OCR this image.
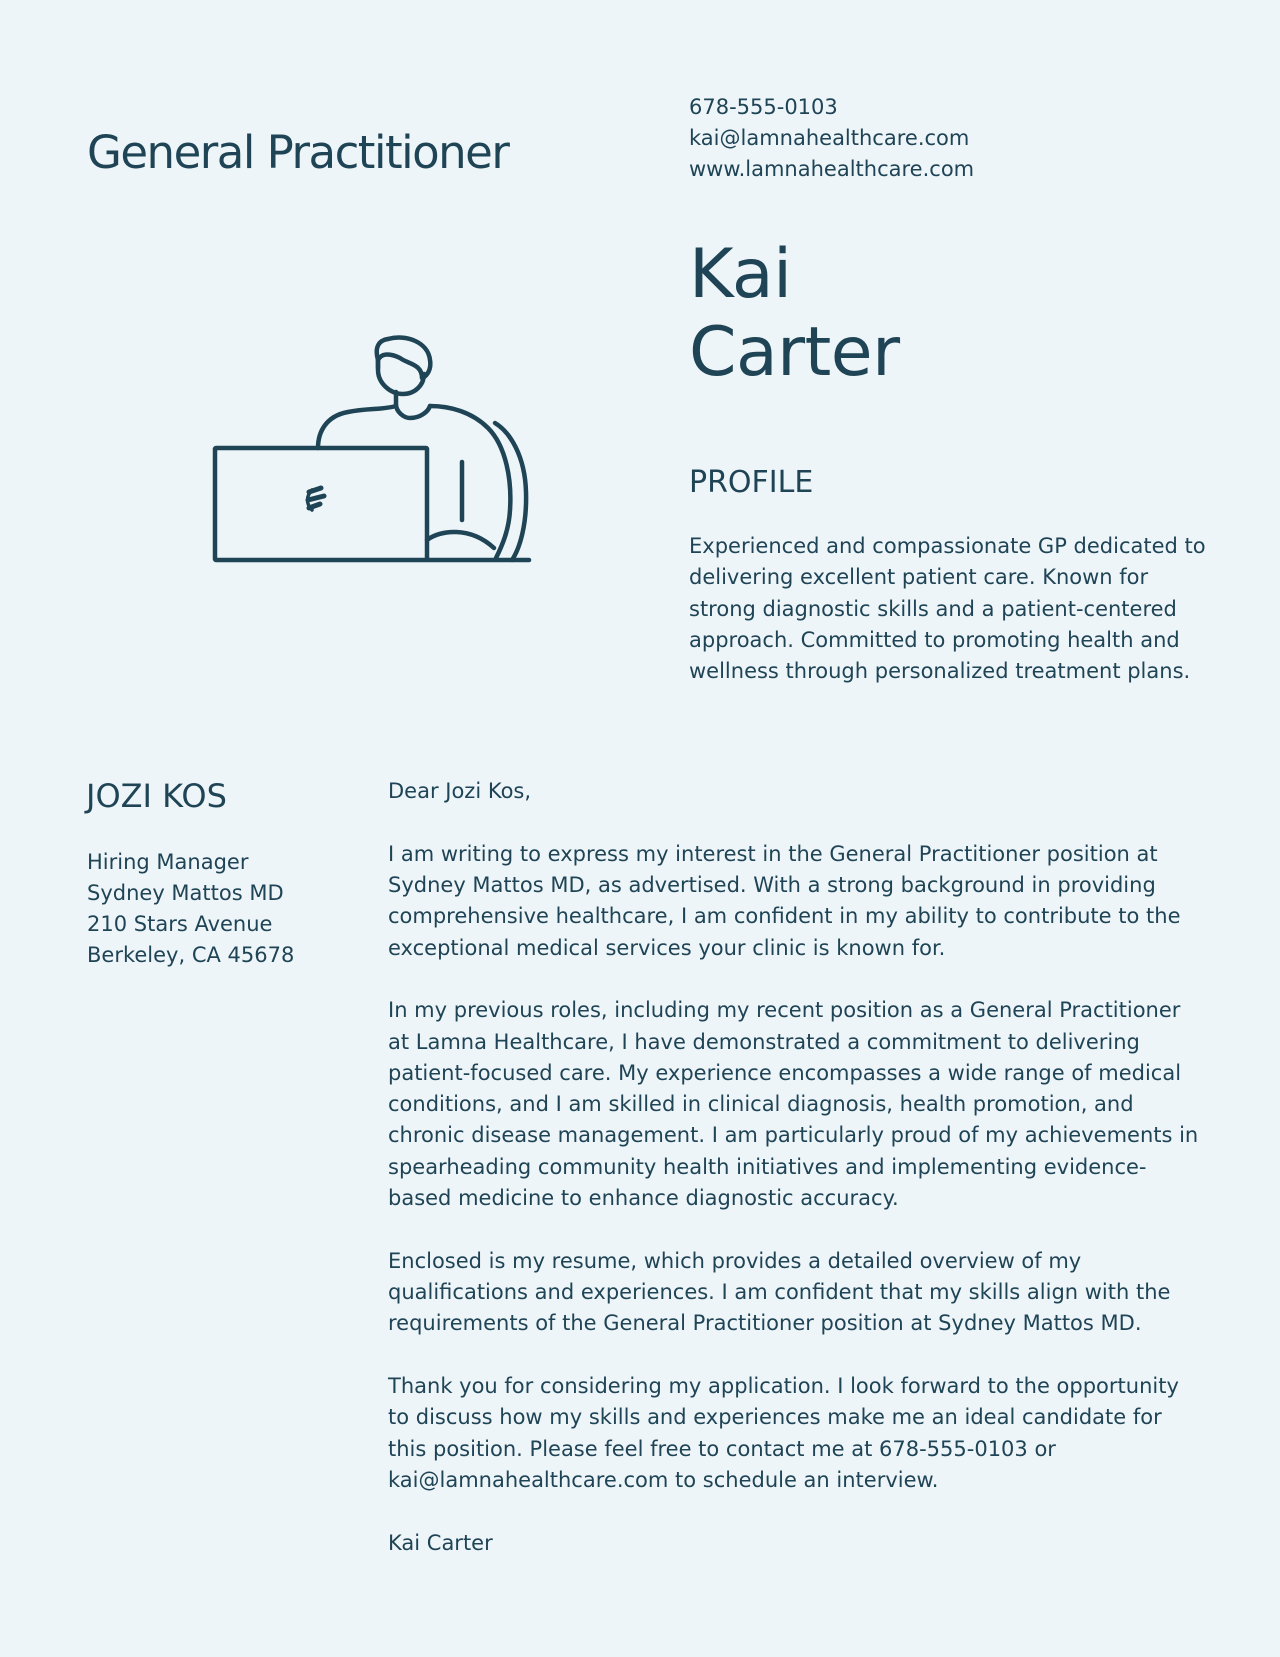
General Practitioner
678-555-0103
kai@lamnahealthcare.com
www.lamnahealthcare.com
Kai
Carter
PROFILE

Experienced and compassionate GP dedicated to delivering excellent patient care. Known for strong diagnostic skills and a patient-centered approach. Committed to promoting health and wellness through personalized treatment plans.

JOZI KOS
Hiring Manager
Sydney Mattos MD
210 Stars Avenue
Berkeley, CA 45678

Dear Jozi Kos,

I am writing to express my interest in the General Practitioner position at Sydney Mattos MD, as advertised. With a strong background in providing comprehensive healthcare, I am confident in my ability to contribute to the exceptional medical services your clinic is known for.

In my previous roles, including my recent position as a General Practitioner at Lamna Healthcare, I have demonstrated a commitment to delivering patient-focused care. My experience encompasses a wide range of medical conditions, and I am skilled in clinical diagnosis, health promotion, and chronic disease management. I am particularly proud of my achievements in spearheading community health initiatives and implementing evidence-based medicine to enhance diagnostic accuracy.

Enclosed is my resume, which provides a detailed overview of my qualifications and experiences. I am confident that my skills align with the requirements of the General Practitioner position at Sydney Mattos MD.

Thank you for considering my application. I look forward to the opportunity to discuss how my skills and experiences make me an ideal candidate for this position. Please feel free to contact me at 678-555-0103 or kai@lamnahealthcare.com to schedule an interview.

Kai Carter
